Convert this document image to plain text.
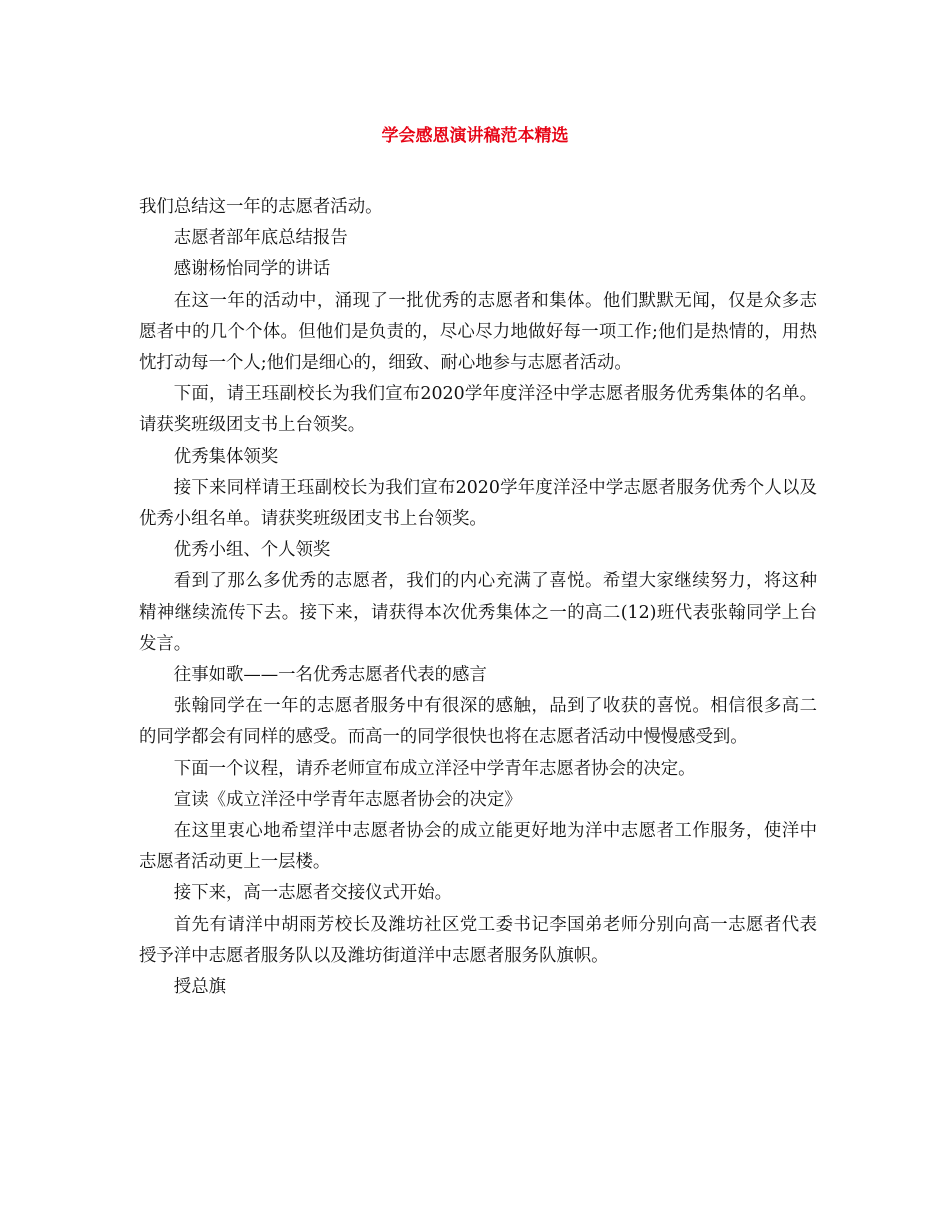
学会感恩演讲稿范本精选

我们总结这一年的志愿者活动。

志愿者部年底总结报告

感谢杨怡同学的讲话

在这一年的活动中，涌现了一批优秀的志愿者和集体。他们默默无闻，仅是众多志愿者中的几个个体。但他们是负责的，尽心尽力地做好每一项工作;他们是热情的，用热忱打动每一个人;他们是细心的，细致、耐心地参与志愿者活动。

下面，请王珏副校长为我们宣布2020学年度洋泾中学志愿者服务优秀集体的名单。请获奖班级团支书上台领奖。

优秀集体领奖

接下来同样请王珏副校长为我们宣布2020学年度洋泾中学志愿者服务优秀个人以及优秀小组名单。请获奖班级团支书上台领奖。

优秀小组、个人领奖

看到了那么多优秀的志愿者，我们的内心充满了喜悦。希望大家继续努力，将这种精神继续流传下去。接下来，请获得本次优秀集体之一的高二(12)班代表张翰同学上台发言。

往事如歌——一名优秀志愿者代表的感言

张翰同学在一年的志愿者服务中有很深的感触，品到了收获的喜悦。相信很多高二的同学都会有同样的感受。而高一的同学很快也将在志愿者活动中慢慢感受到。

下面一个议程，请乔老师宣布成立洋泾中学青年志愿者协会的决定。

宣读《成立洋泾中学青年志愿者协会的决定》

在这里衷心地希望洋中志愿者协会的成立能更好地为洋中志愿者工作服务，使洋中志愿者活动更上一层楼。

接下来，高一志愿者交接仪式开始。

首先有请洋中胡雨芳校长及潍坊社区党工委书记李国弟老师分别向高一志愿者代表授予洋中志愿者服务队以及潍坊街道洋中志愿者服务队旗帜。

授总旗
